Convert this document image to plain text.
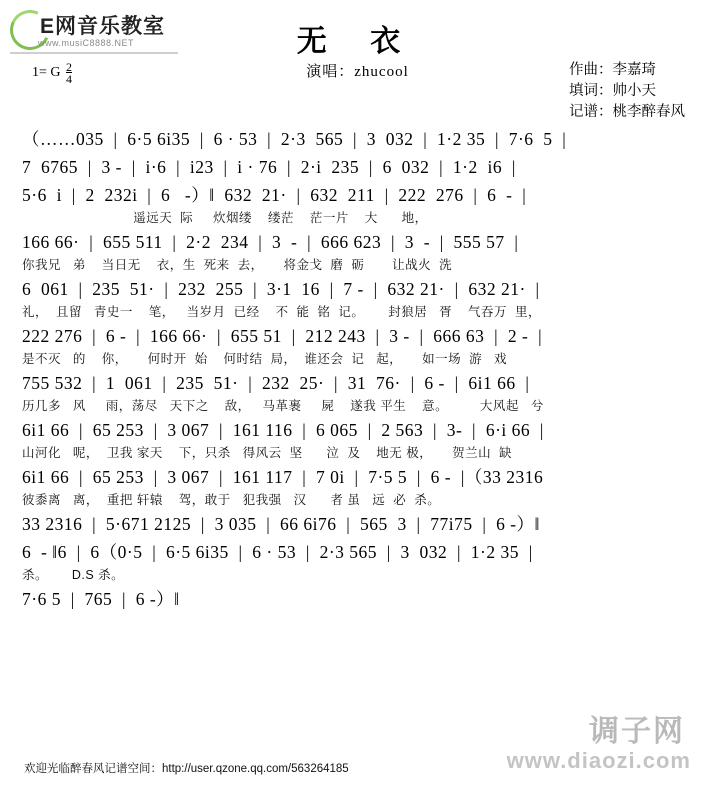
E网音乐教室
www.musiC8888.NET	无 衣
演唱：zhucool
1= G $\frac{2}{4}$	作曲：李嘉琦
填词：帅小天
记谱：桃李醉春风
（……035  |  6·5 6i35  |  6 · 53  |  2·3  565  |  3  032  |  1·2 35  |  7·6  5  |
7  6765  |  3 -  |  i·6  |  i23  |  i · 76  |  2·i  235  |  6  032  |  1·2  i6  |
5·6  i  |  2  232i  |  6   -）‖  632  21·  |  632  211  |  222  276  |  6  -  |
遥远天  际     炊烟缕    缕茫    茫一片    大      地，
166 66·  |  655 511  |  2·2  234  |  3  -  |  666 623  |  3  -  |  555 57  |
你我兄   弟    当日无    衣，生  死来  去，     将金戈  磨  砺       让战火  洗
6  061  |  235  51·  |  232  255  |  3·1  16  |  7 -  |  632 21·  |  632 21·  |
礼，  且留   青史一    笔，   当岁月  已经    不  能  铭  记。      封狼居   胥    气吞万  里，
222 276  |  6 -  |  166 66·  |  655 51  |  212 243  |  3 -  |  666 63  |  2 -  |
是不灭   的    你，     何时开  始    何时结  局，  谁还会  记   起，     如一场  游   戏
755 532  |  1  061  |  235  51·  |  232  25·  |  31  76·  |  6 -  |  6i1 66  |
历几多   风     雨，荡尽   天下之    敌，   马革裹     屍    遂我 平生    意。        大风起   兮
6i1 66  |  65 253  |  3 067  |  161 116  |  6 065  |  2 563  |  3-  |  6·i 66  |
山河化   呢，  卫我 家天    下，只杀   得风云  坚      泣  及    地无 极，     贺兰山  缺
6i1 66  |  65 253  |  3 067  |  161 117  |  7 0i  |  7·5 5  |  6 -  |（33 2316
彼黍离   离，  重把 轩辕    驾，敢于   犯我强   汉      者 虽   远  必  杀。
33 2316  |  5·671 2125  |  3 035  |  66 6i76  |  565  3  |  77i75  |  6 -）‖
6  - ‖6  |  6（0·5  |  6·5 6i35  |  6 · 53  |  2·3 565  |  3  032  |  1·2 35  |
杀。      D.S 杀。
7·6 5  |  765  |  6 -）‖
调子网
www.diaozi.com
欢迎光临醉春风记谱空间：http://user.qzone.qq.com/563264185
